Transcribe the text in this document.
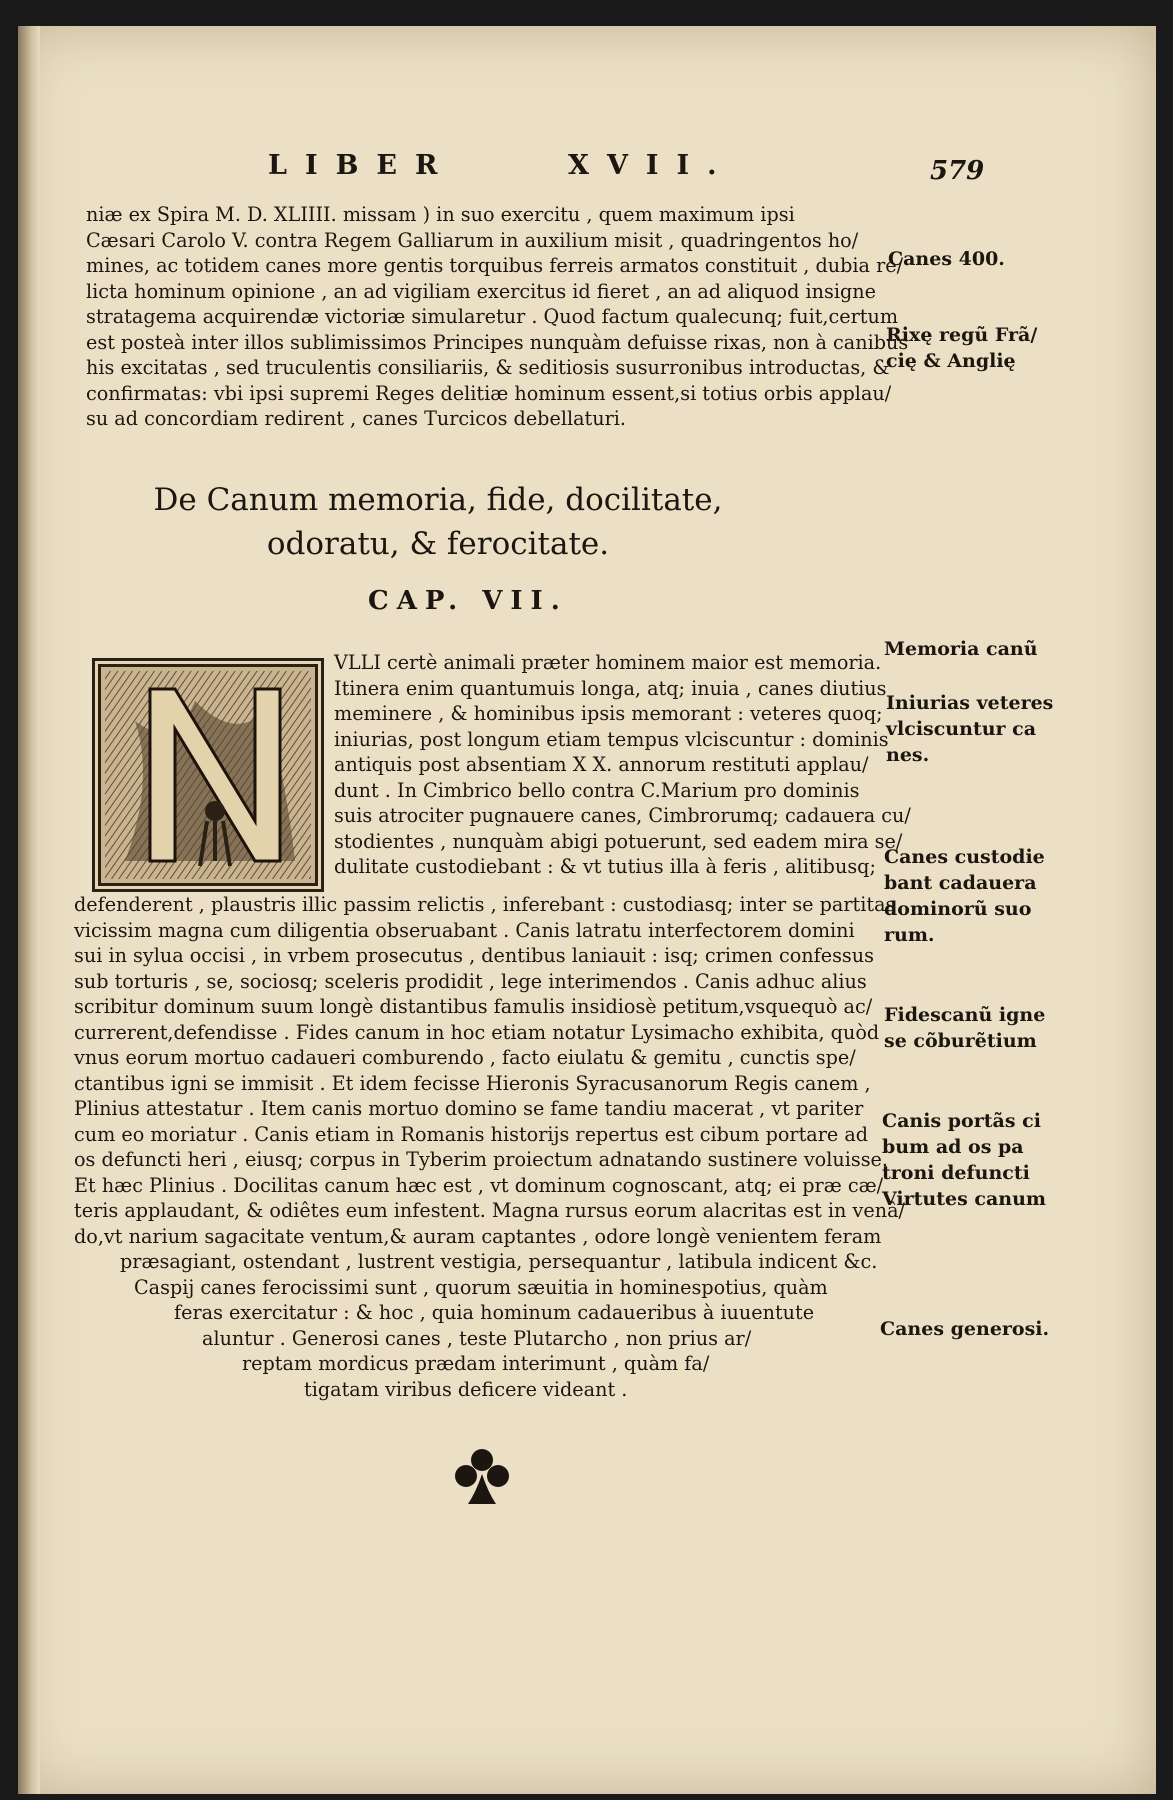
LIBER	XVII.	579
niæ ex Spira M. D. XLIIII. missam ) in suo exercitu , quem maximum ipsi
Cæsari Carolo V. contra Regem Galliarum in auxilium misit , quadringentos ho/
mines, ac totidem canes more gentis torquibus ferreis armatos constituit , dubia re/
licta hominum opinione , an ad vigiliam exercitus id fieret , an ad aliquod insigne
stratagema acquirendæ victoriæ simularetur . Quod factum qualecunq; fuit,certum
est posteà inter illos sublimissimos Principes nunquàm defuisse rixas, non à canibus
his excitatas , sed truculentis consiliariis, & seditiosis susurronibus introductas, &
confirmatas: vbi ipsi supremi Reges delitiæ hominum essent,si totius orbis applau/
su ad concordiam redirent , canes Turcicos debellaturi.
De Canum memoria, fide, docilitate,
odoratu, & ferocitate.
CAP. VII.
VLLI certè animali præter hominem maior est memoria.
Itinera enim quantumuis longa, atq; inuia , canes diutius
meminere , & hominibus ipsis memorant : veteres quoq;
iniurias, post longum etiam tempus vlciscuntur : dominis
antiquis post absentiam X X. annorum restituti applau/
dunt . In Cimbrico bello contra C.Marium pro dominis
suis atrociter pugnauere canes, Cimbrorumq; cadauera cu/
stodientes , nunquàm abigi potuerunt, sed eadem mira se/
dulitate custodiebant : & vt tutius illa à feris , alitibusq;
defenderent , plaustris illic passim relictis , inferebant : custodiasq; inter se partitas
vicissim magna cum diligentia obseruabant . Canis latratu interfectorem domini
sui in sylua occisi , in vrbem prosecutus , dentibus laniauit : isq; crimen confessus
sub torturis , se, sociosq; sceleris prodidit , lege interimendos . Canis adhuc alius
scribitur dominum suum longè distantibus famulis insidiosè petitum,vsquequò ac/
currerent,defendisse . Fides canum in hoc etiam notatur Lysimacho exhibita, quòd
vnus eorum mortuo cadaueri comburendo , facto eiulatu & gemitu , cunctis spe/
ctantibus igni se immisit . Et idem fecisse Hieronis Syracusanorum Regis canem ,
Plinius attestatur . Item canis mortuo domino se fame tandiu macerat , vt pariter
cum eo moriatur . Canis etiam in Romanis historijs repertus est cibum portare ad
os defuncti heri , eiusq; corpus in Tyberim proiectum adnatando sustinere voluisse.
Et hæc Plinius . Docilitas canum hæc est , vt dominum cognoscant, atq; ei præ cæ/
teris applaudant, & odiêtes eum infestent. Magna rursus eorum alacritas est in venâ/
do,vt narium sagacitate ventum,& auram captantes , odore longè venientem feram
præsagiant, ostendant , lustrent vestigia, persequantur , latibula indicent &c.
Caspij canes ferocissimi sunt , quorum sæuitia in hominespotius, quàm
feras exercitatur : & hoc , quia hominum cadaueribus à iuuentute
aluntur . Generosi canes , teste Plutarcho , non prius ar/
reptam mordicus prædam interimunt , quàm fa/
tigatam viribus deficere videant .
Canes 400.
Rixę regũ Frã/
cię & Anglię
Memoria canũ
Iniurias veteres
vlciscuntur ca
nes.
Canes custodie
bant cadauera
dominorũ suo
rum.
Fidescanũ igne
se cõburẽtium
Canis portãs ci
bum ad os pa
troni defuncti
Virtutes canum
Canes generosi.
